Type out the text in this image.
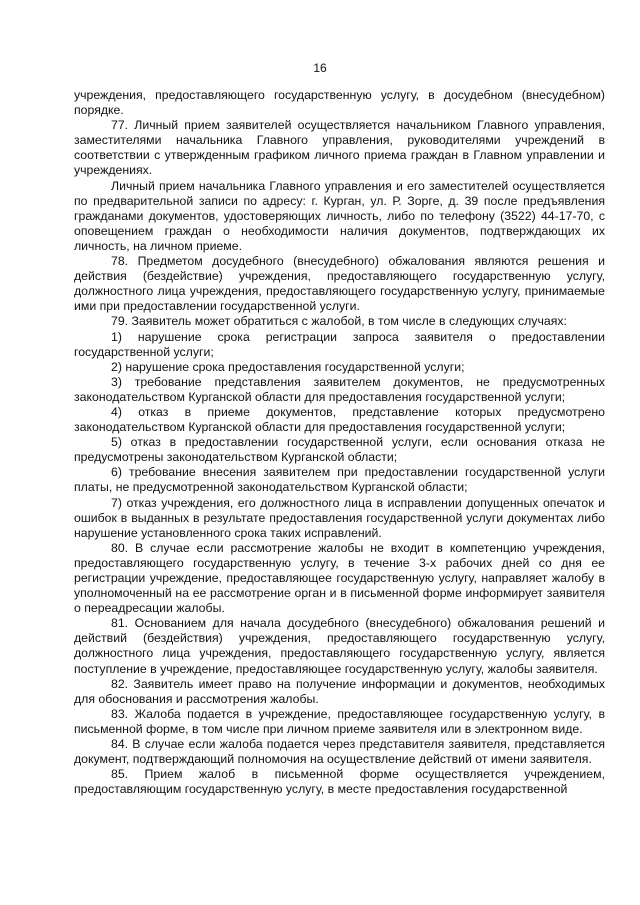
16

учреждения, предоставляющего государственную услугу, в досудебном (внесудебном) порядке.

77. Личный прием заявителей осуществляется начальником Главного управления, заместителями начальника Главного управления, руководителями учреждений в соответствии с утвержденным графиком личного приема граждан в Главном управлении и учреждениях.

Личный прием начальника Главного управления и его заместителей осуществляется по предварительной записи по адресу: г. Курган, ул. Р. Зорге, д. 39 после предъявления гражданами документов, удостоверяющих личность, либо по телефону (3522) 44-17-70, с оповещением граждан о необходимости наличия документов, подтверждающих их личность, на личном приеме.

78. Предметом досудебного (внесудебного) обжалования являются решения и действия (бездействие) учреждения, предоставляющего государственную услугу, должностного лица учреждения, предоставляющего государственную услугу, принимаемые ими при предоставлении государственной услуги.

79. Заявитель может обратиться с жалобой, в том числе в следующих случаях:

1) нарушение срока регистрации запроса заявителя о предоставлении государственной услуги;

2) нарушение срока предоставления государственной услуги;

3) требование представления заявителем документов, не предусмотренных законодательством Курганской области для предоставления государственной услуги;

4) отказ в приеме документов, представление которых предусмотрено законодательством Курганской области для предоставления государственной услуги;

5) отказ в предоставлении государственной услуги, если основания отказа не предусмотрены законодательством Курганской области;

6) требование внесения заявителем при предоставлении государственной услуги платы, не предусмотренной законодательством Курганской области;

7) отказ учреждения, его должностного лица в исправлении допущенных опечаток и ошибок в выданных в результате предоставления государственной услуги документах либо нарушение установленного срока таких исправлений.

80. В случае если рассмотрение жалобы не входит в компетенцию учреждения, предоставляющего государственную услугу, в течение 3-х рабочих дней со дня ее регистрации учреждение, предоставляющее государственную услугу, направляет жалобу в уполномоченный на ее рассмотрение орган и в письменной форме информирует заявителя о переадресации жалобы.

81. Основанием для начала досудебного (внесудебного) обжалования решений и действий (бездействия) учреждения, предоставляющего государственную услугу, должностного лица учреждения, предоставляющего государственную услугу, является поступление в учреждение, предоставляющее государственную услугу, жалобы заявителя.

82. Заявитель имеет право на получение информации и документов, необходимых для обоснования и рассмотрения жалобы.

83. Жалоба подается в учреждение, предоставляющее государственную услугу, в письменной форме, в том числе при личном приеме заявителя или в электронном виде.

84. В случае если жалоба подается через представителя заявителя, представляется документ, подтверждающий полномочия на осуществление действий от имени заявителя.

85. Прием жалоб в письменной форме осуществляется учреждением, предоставляющим государственную услугу, в месте предоставления государственной
